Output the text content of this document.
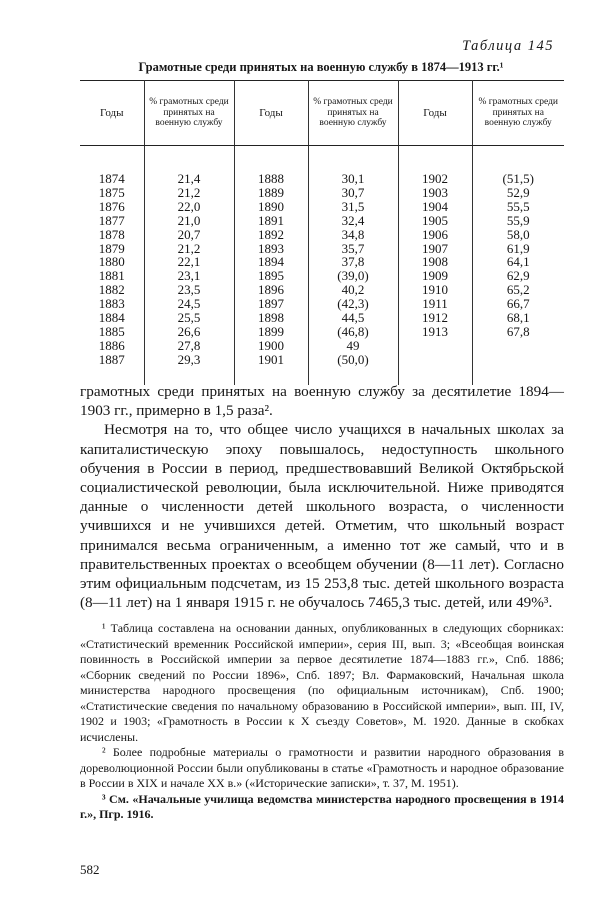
Таблица 145
Грамотные среди принятых на военную службу в 1874—1913 гг.¹
Годы	% грамотных среди принятых на военную службу	Годы	% грамотных среди принятых на военную службу	Годы	% грамотных среди принятых на военную службу

1874	21,4	1888	30,1	1902	(51,5)
1875	21,2	1889	30,7	1903	52,9
1876	22,0	1890	31,5	1904	55,5
1877	21,0	1891	32,4	1905	55,9
1878	20,7	1892	34,8	1906	58,0
1879	21,2	1893	35,7	1907	61,9
1880	22,1	1894	37,8	1908	64,1
1881	23,1	1895	(39,0)	1909	62,9
1882	23,5	1896	40,2	1910	65,2
1883	24,5	1897	(42,3)	1911	66,7
1884	25,5	1898	44,5	1912	68,1
1885	26,6	1899	(46,8)	1913	67,8
1886	27,8	1900	49		
1887	29,3	1901	(50,0)		

грамотных среди принятых на военную службу за десятилетие 1894—1903 гг., примерно в 1,5 раза².

Несмотря на то, что общее число учащихся в начальных школах за капиталистическую эпоху повышалось, недоступность школьного обучения в России в период, предшествовавший Великой Октябрьской социалистической революции, была исключительной. Ниже приводятся данные о численности детей школьного возраста, о численности учившихся и не учившихся детей. Отметим, что школьный возраст принимался весьма ограниченным, а именно тот же самый, что и в правительственных проектах о всеобщем обучении (8—11 лет). Согласно этим официальным подсчетам, из 15 253,8 тыс. детей школьного возраста (8—11 лет) на 1 января 1915 г. не обучалось 7465,3 тыс. детей, или 49%³.

¹ Таблица составлена на основании данных, опубликованных в следующих сборниках: «Статистический временник Российской империи», серия III, вып. 3; «Всеобщая воинская повинность в Российской империи за первое десятилетие 1874—1883 гг.», Спб. 1886; «Сборник сведений по России 1896», Спб. 1897; Вл. Фармаковский, Начальная школа министерства народного просвещения (по официальным источникам), Спб. 1900; «Статистические сведения по начальному образованию в Российской империи», вып. III, IV, 1902 и 1903; «Грамотность в России к X съезду Советов», М. 1920. Данные в скобках исчислены.

² Более подробные материалы о грамотности и развитии народного образования в дореволюционной России были опубликованы в статье «Грамотность и народное образование в России в XIX и начале XX в.» («Исторические записки», т. 37, М. 1951).

³ См. «Начальные училища ведомства министерства народного просвещения в 1914 г.», Пгр. 1916.

582
